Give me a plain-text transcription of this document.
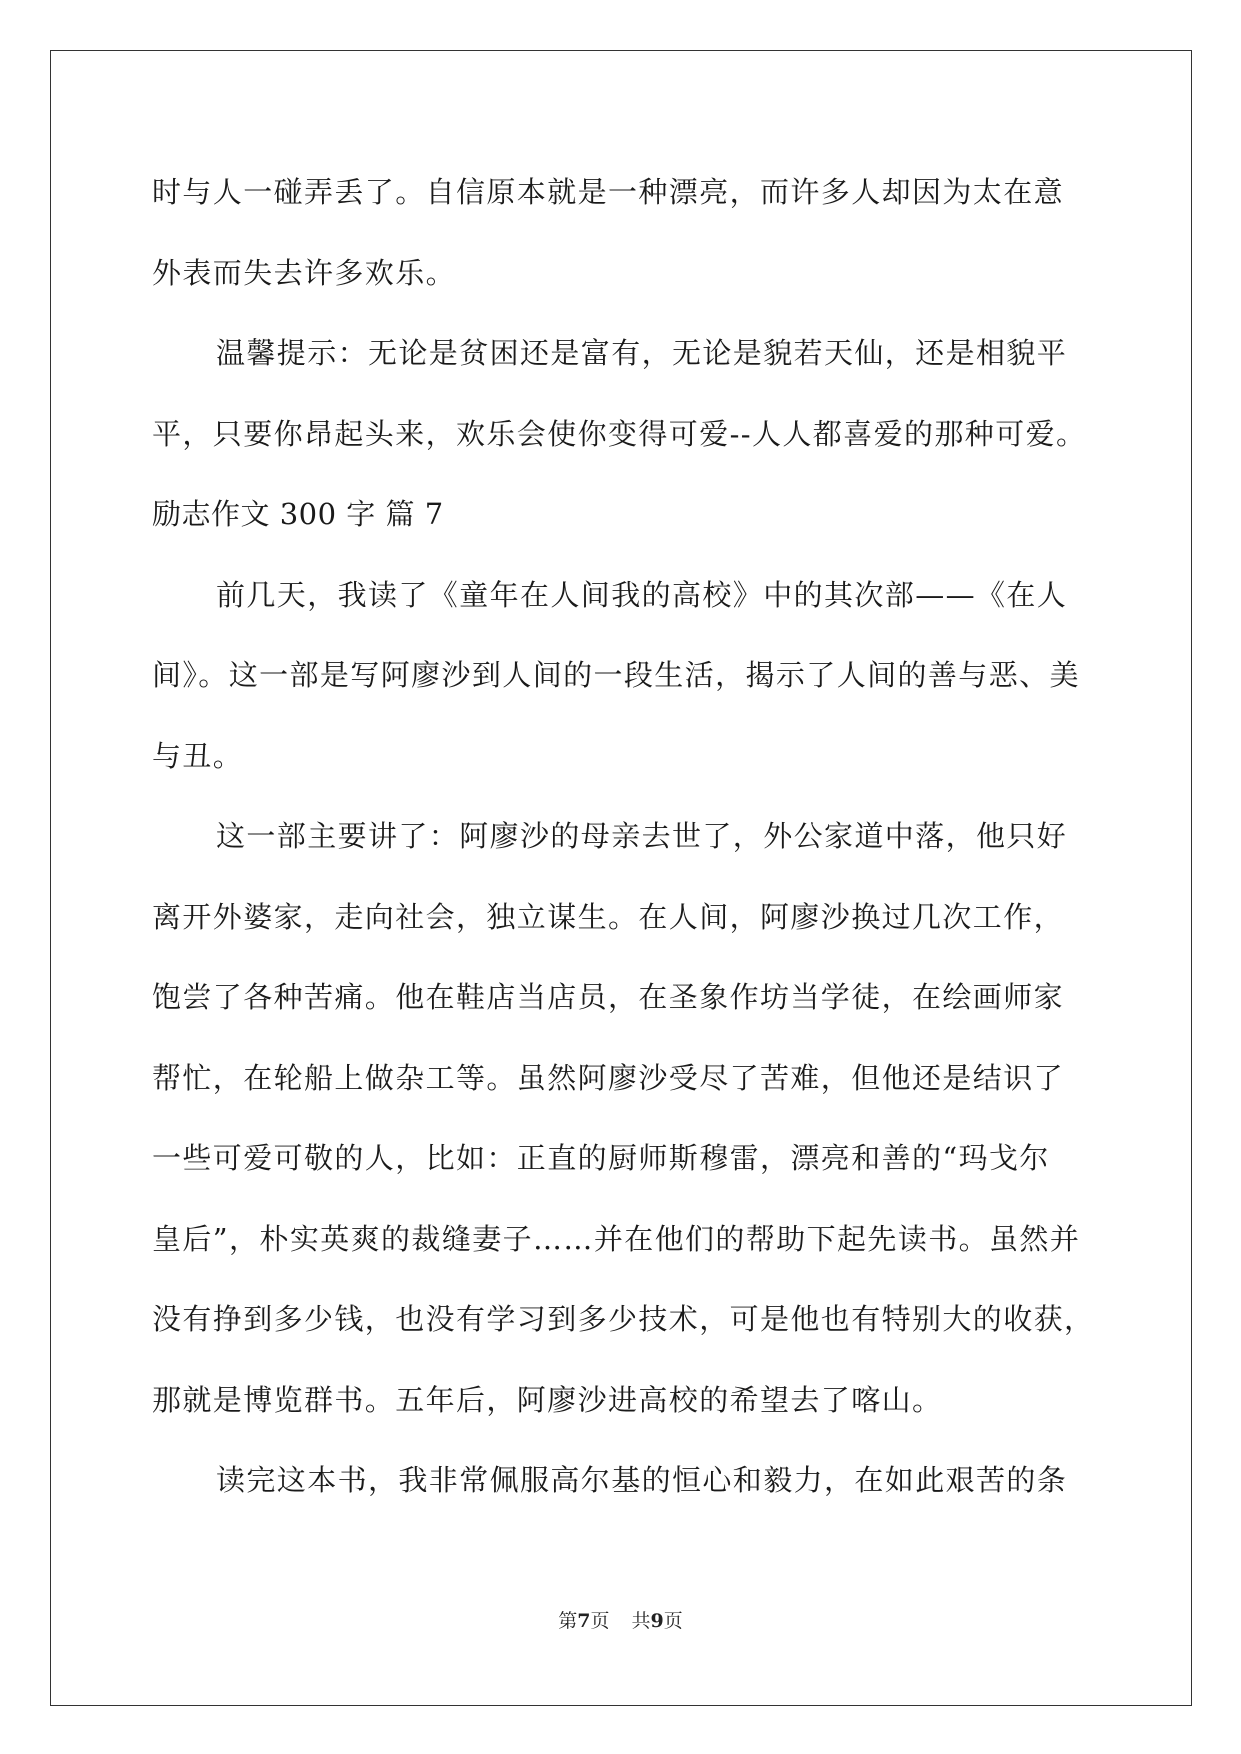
时与人一碰弄丢了。自信原本就是一种漂亮，而许多人却因为太在意

外表而失去许多欢乐。

温馨提示：无论是贫困还是富有，无论是貌若天仙，还是相貌平

平，只要你昂起头来，欢乐会使你变得可爱--人人都喜爱的那种可爱。

励志作文 300 字 篇 7

前几天，我读了《童年在人间我的高校》中的其次部——《在人

间》。这一部是写阿廖沙到人间的一段生活，揭示了人间的善与恶、美

与丑。

这一部主要讲了：阿廖沙的母亲去世了，外公家道中落，他只好

离开外婆家，走向社会，独立谋生。在人间，阿廖沙换过几次工作，

饱尝了各种苦痛。他在鞋店当店员，在圣象作坊当学徒，在绘画师家

帮忙，在轮船上做杂工等。虽然阿廖沙受尽了苦难，但他还是结识了

一些可爱可敬的人，比如：正直的厨师斯穆雷，漂亮和善的“玛戈尔

皇后”，朴实英爽的裁缝妻子……并在他们的帮助下起先读书。虽然并

没有挣到多少钱，也没有学习到多少技术，可是他也有特别大的收获，

那就是博览群书。五年后，阿廖沙进高校的希望去了喀山。

读完这本书，我非常佩服高尔基的恒心和毅力，在如此艰苦的条

第7页 共9页
